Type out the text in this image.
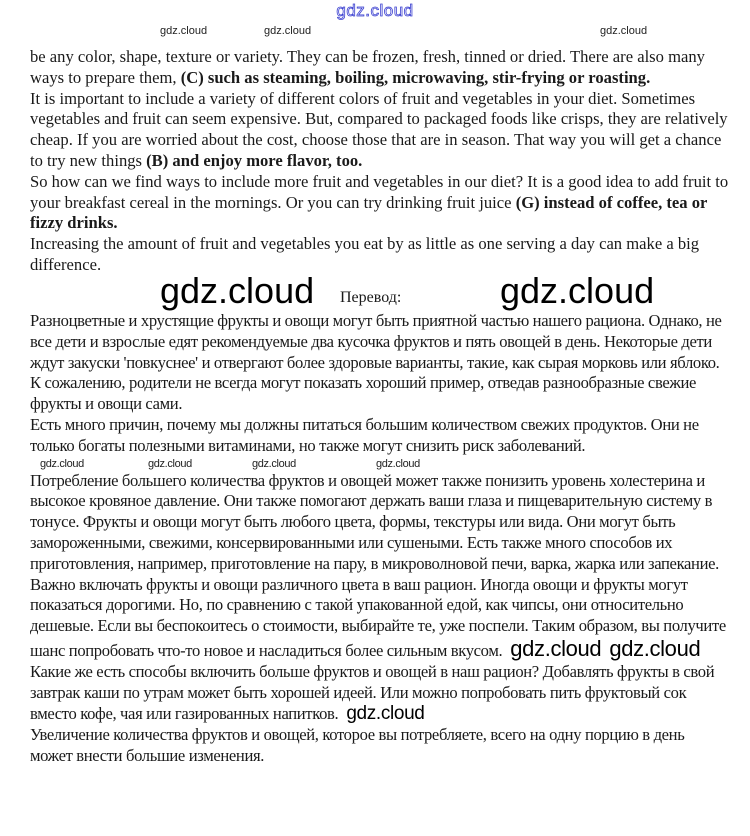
gdz.cloud
gdz.cloud	gdz.cloud	gdz.cloud

be any color, shape, texture or variety. They can be frozen, fresh, tinned or dried. There are also many ways to prepare them, (C) such as steaming, boiling, microwaving, stir-frying or roasting.

It is important to include a variety of different colors of fruit and vegetables in your diet. Sometimes vegetables and fruit can seem expensive. But, compared to packaged foods like crisps, they are relatively cheap. If you are worried about the cost, choose those that are in season. That way you will get a chance to try new things (B) and enjoy more flavor, too.

So how can we find ways to include more fruit and vegetables in our diet? It is a good idea to add fruit to your breakfast cereal in the mornings. Or you can try drinking fruit juice (G) instead of coffee, tea or fizzy drinks.

Increasing the amount of fruit and vegetables you eat by as little as one serving a day can make a big difference.

gdz.cloud Перевод:	gdz.cloud

Разноцветные и хрустящие фрукты и овощи могут быть приятной частью нашего рациона. Однако, не все дети и взрослые едят рекомендуемые два кусочка фруктов и пять овощей в день. Некоторые дети ждут закуски 'повкуснее' и отвергают более здоровые варианты, такие, как сырая морковь или яблоко.

К сожалению, родители не всегда могут показать хороший пример, отведав разнообразные свежие фрукты и овощи сами.

Есть много причин, почему мы должны питаться большим количеством свежих продуктов. Они не только богаты полезными витаминами, но также могут снизить риск заболеваний.

gdz.cloud	gdz.cloud	gdz.cloud	gdz.cloud

Потребление большего количества фруктов и овощей может также понизить уровень холестерина и высокое кровяное давление. Они также помогают держать ваши глаза и пищеварительную систему в тонусе. Фрукты и овощи могут быть любого цвета, формы, текстуры или вида. Они могут быть замороженными, свежими, консервированными или сушеными. Есть также много способов их приготовления, например, приготовление на пару, в микроволновой печи, варка, жарка или запекание.

Важно включать фрукты и овощи различного цвета в ваш рацион. Иногда овощи и фрукты могут показаться дорогими. Но, по сравнению с такой упакованной едой, как чипсы, они относительно дешевые. Если вы беспокоитесь о стоимости, выбирайте те, уже поспели. Таким образом, вы получите шанс попробовать что-то новое и насладиться более сильным вкусом. gdz.cloud gdz.cloud

Какие же есть способы включить больше фруктов и овощей в наш рацион? Добавлять фрукты в свой завтрак каши по утрам может быть хорошей идеей. Или можно попробовать пить фруктовый сок вместо кофе, чая или газированных напитков. gdz.cloud

Увеличение количества фруктов и овощей, которое вы потребляете, всего на одну порцию в день может внести большие изменения.
